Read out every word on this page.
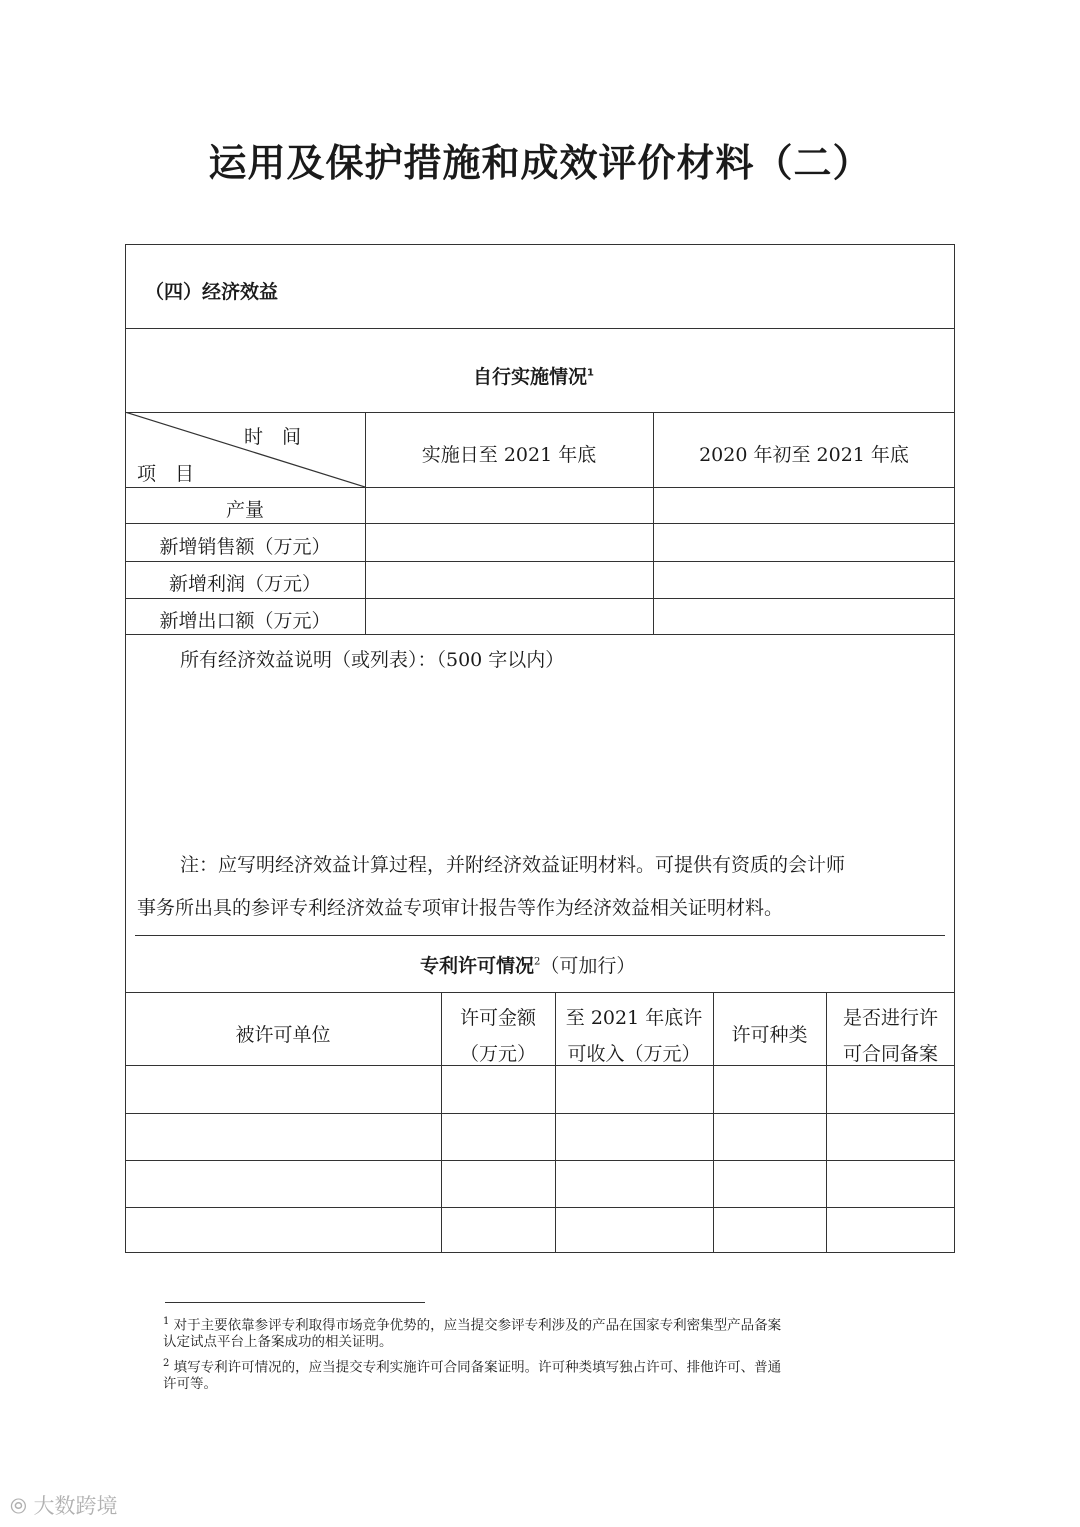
运用及保护措施和成效评价材料（二）
（四）经济效益
自行实施情况$^1$
时　间
项　目
实施日至 2021 年底	2020 年初至 2021 年底
产量
新增销售额（万元）
新增利润（万元）
新增出口额（万元）
所有经济效益说明（或列表）：（500 字以内）
注：应写明经济效益计算过程，并附经济效益证明材料。可提供有资质的会计师
事务所出具的参评专利经济效益专项审计报告等作为经济效益相关证明材料。
专利许可情况$^2$（可加行）
被许可单位
许可金额
（万元）
至 2021 年底许
可收入（万元）
许可种类
是否进行许
可合同备案
$^1$ 对于主要依靠参评专利取得市场竞争优势的，应当提交参评专利涉及的产品在国家专利密集型产品备案
认定试点平台上备案成功的相关证明。
$^2$ 填写专利许可情况的，应当提交专利实施许可合同备案证明。许可种类填写独占许可、排他许可、普通
许可等。
⦾ 大数跨境
